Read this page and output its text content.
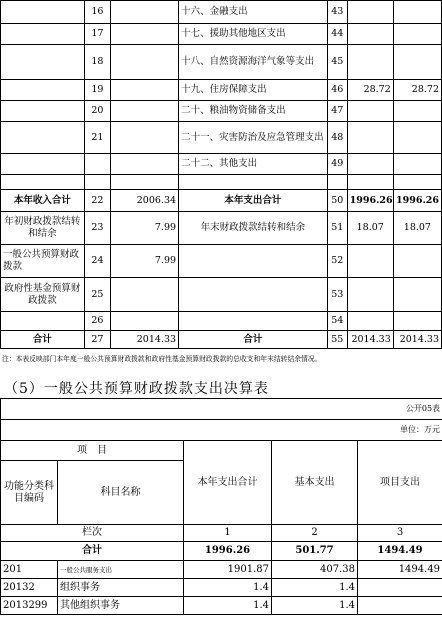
	16		十六、金融支出	43		
	17		十七、援助其他地区支出	44		
	18		十八、自然资源海洋气象等支出	45		
	19		十九、住房保障支出	46	28.72	28.72
	20		二十、粮油物资储备支出	47		
	21		二十一、灾害防治及应急管理支出	48		
			二十二、其他支出	49		

本年收入合计	22	2006.34	本年支出合计	50	1996.26	1996.26
年初财政拨款结转和结余	23	7.99	年末财政拨款结转和结余	51	18.07	18.07
一般公共预算财政拨款	24	7.99		52		
政府性基金预算财政拨款	25			53		
	26			54		
合计	27	2014.33	合计	55	2014.33	2014.33
注：本表反映部门本年度一般公共预算财政拨款和政府性基金预算财政拨款的总收支和年末结转结余情况。
（5）一般公共预算财政拨款支出决算表
公开05表				
单位：万元				
项　目		本年支出合计	基本支出	项目支出
功能分类科目编码	科目名称			
栏次		1	2	3
合计		1996.26	501.77	1494.49
201	一般公共服务支出	1901.87	407.38	1494.49
20132	组织事务	1.4	1.4	
2013299	其他组织事务	1.4	1.4	
